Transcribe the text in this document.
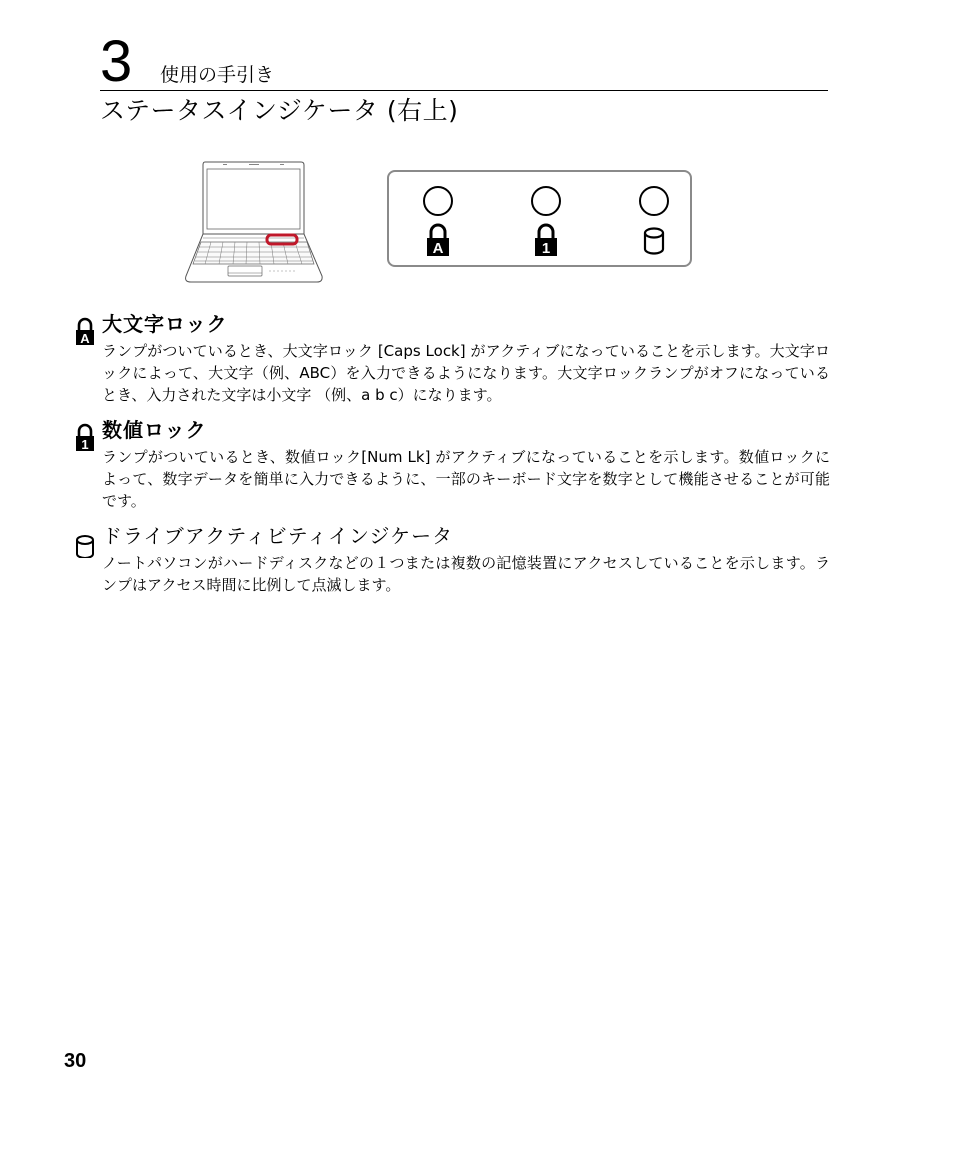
3 使用の手引き
ステータスインジケータ (右上)
A	1
A
大文字ロック
ランプがついているとき、大文字ロック [Caps Lock] がアクティブになっていることを示します。大文字ロックによって、大文字（例、ABC）を入力できるようになります。大文字ロックランプがオフになっているとき、入力された文字は小文字 （例、a b c）になります。
1
数値ロック
ランプがついているとき、数値ロック[Num Lk] がアクティブになっていることを示します。数値ロックによって、数字データを簡単に入力できるように、一部のキーボード文字を数字として機能させることが可能です。
ドライブアクティビティインジケータ
ノートパソコンがハードディスクなどの１つまたは複数の記憶装置にアクセスしていることを示します。ランプはアクセス時間に比例して点滅します。
30
